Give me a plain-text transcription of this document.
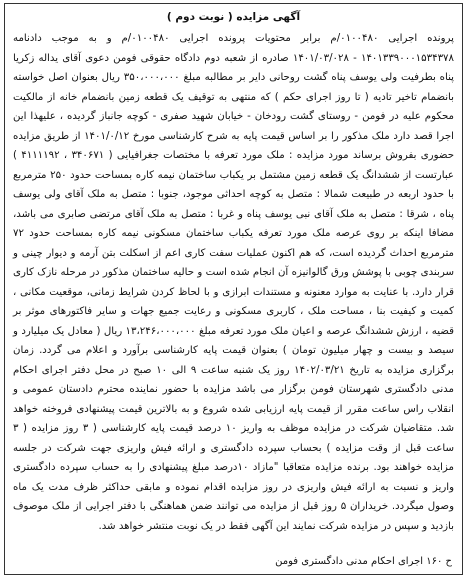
آگهی مزایده ( نوبت دوم )

پرونده اجرایی ۰۱۰۰۴۸۰/م برابر محتویات پرونده اجرایی ۰۱۰۰۴۸۰/م و به موجب دادنامه ۱۴۰۱۳۳۹۰۰۰۱۵۳۴۳۷۸ - ۱۴۰۱/۰۳/۰۲۸ صادره از شعبه دوم دادگاه حقوقی فومن دعوی آقای یداله زکریا پناه بطرفیت ولی یوسف پناه گشت روحانی دایر بر مطالبه مبلغ ۳۵۰،۰۰۰،۰۰۰ ریال بعنوان اصل خواسته بانضمام تاخیر تادیه ( تا روز اجرای حکم ) که منتهی به توقیف یک قطعه زمین بانضمام خانه از مالکیت محکوم علیه در فومن - روستای گشت رودخان - خیابان شهید صفری - کوچه جانباز گردیده ، علیهذا این اجرا قصد دارد ملک مذکور را بر اساس قیمت پایه به شرح کارشناسی مورخ ۱۴۰۱/۰/۱۲ از طریق مزایده حضوری بفروش برساند مورد مزایده : ملک مورد تعرفه با مختصات جغرافیایی ( ۳۴۰۶۷۱ ، ۴۱۱۱۱۹۲ ) عبارتست از ششدانگ یک قطعه زمین مشتمل بر یکباب ساختمان نیمه کاره بمساحت حدود ۲۵۰ مترمربع با حدود اربعه در طبیعت شمالا : متصل به کوچه احداثی موجود، جنوبا : متصل به ملک آقای ولی یوسف پناه ، شرقا : متصل به ملک آقای نبی یوسف پناه و غربا : متصل به ملک آقای مرتضی صابری می باشد، مضافا اینکه بر روی عرصه ملک مورد تعرفه یکباب ساختمان مسکونی نیمه کاره بمساحت حدود ۷۲ مترمربع احداث گردیده است، که هم اکنون عملیات سفت کاری اعم از اسکلت بتن آرمه و دیوار چینی و سربندی چوبی با پوشش ورق گالوانیزه آن انجام شده است و حالیه ساختمان مذکور در مرحله نازک کاری قرار دارد. با عنایت به موارد معنونه و مستندات ابرازی و با لحاظ کردن شرایط زمانی، موقعیت مکانی ، کمیت و کیفیت بنا ، مساحت ملک ، کاربری مسکونی و رعایت جمیع جهات و سایر فاکتورهای موثر بر قضیه ، ارزش ششدانگ عرصه و اعیان ملک مورد تعرفه مبلغ ۱۳،۲۴۶،۰۰۰،۰۰۰ ریال ( معادل یک میلیارد و سیصد و بیست و چهار میلیون تومان ) بعنوان قیمت پایه کارشناسی برآورد و اعلام می گردد. زمان برگزاری مزایده به تاریخ ۱۴۰۲/۰۳/۲۱ روز یک شنبه ساعت ۹ الی ۱۰ صبح در محل دفتر اجرای احکام مدنی دادگستری شهرستان فومن برگزار می باشد مزایده با حضور نماینده محترم دادستان عمومی و انقلاب راس ساعت مقرر از قیمت پایه ارزیابی شده شروع و به بالاترین قیمت پیشنهادی فروخته خواهد شد. متقاضیان شرکت در مزایده موظف به واریز ۱۰ درصد قیمت پایه کارشناسی ( ۳ روز مزایده ( ۳ ساعت قبل از وقت مزایده ) بحساب سپرده دادگستری و ارائه فیش واریزی جهت شرکت در جلسه مزایده خواهند بود. برنده مزایده متعاقبا "مازاد ۱۰درصد مبلغ پیشنهادی را به حساب سپرده دادگستری واریز و نسبت به ارائه فیش واریزی در روز مزایده اقدام نموده و مابقی حداکثر ظرف مدت یک ماه وصول میگردد. خریداران ۵ روز قبل از مزایده می توانند ضمن هماهنگی با دفتر اجرایی از ملک موصوف بازدید و سپس در مزایده شرکت نمایند این آگهی فقط در یک نوبت منتشر خواهد شد.

ح ۱۶۰ اجرای احکام مدنی دادگستری فومن
